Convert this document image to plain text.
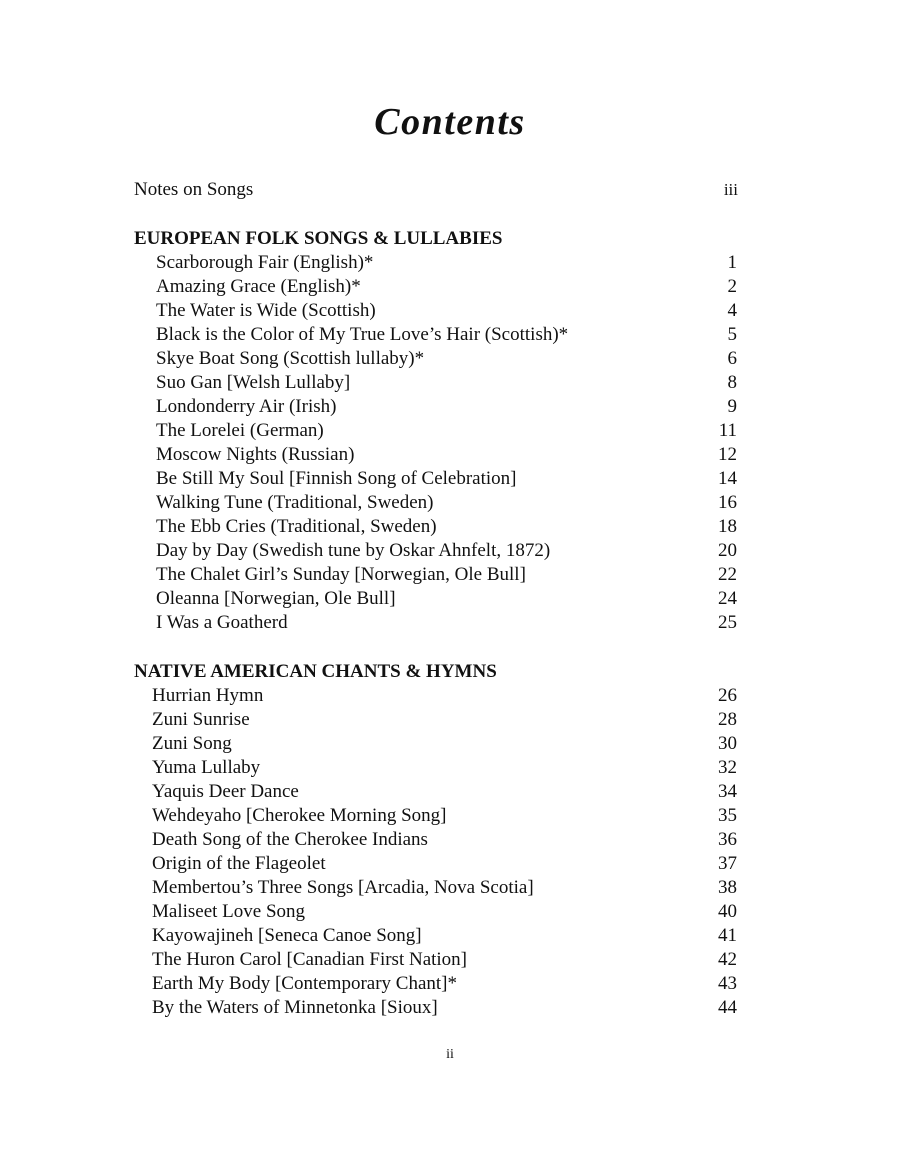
Contents
Notes on Songs	iii
EUROPEAN FOLK SONGS & LULLABIES
Scarborough Fair (English)*	1
Amazing Grace (English)*	2
The Water is Wide (Scottish)	4
Black is the Color of My True Love’s Hair (Scottish)*	5
Skye Boat Song (Scottish lullaby)*	6
Suo Gan [Welsh Lullaby]	8
Londonderry Air (Irish)	9
The Lorelei (German)	11
Moscow Nights (Russian)	12
Be Still My Soul [Finnish Song of Celebration]	14
Walking Tune (Traditional, Sweden)	16
The Ebb Cries (Traditional, Sweden)	18
Day by Day (Swedish tune by Oskar Ahnfelt, 1872)	20
The Chalet Girl’s Sunday [Norwegian, Ole Bull]	22
Oleanna [Norwegian, Ole Bull]	24
I Was a Goatherd	25
NATIVE AMERICAN CHANTS & HYMNS
Hurrian Hymn	26
Zuni Sunrise	28
Zuni Song	30
Yuma Lullaby	32
Yaquis Deer Dance	34
Wehdeyaho [Cherokee Morning Song]	35
Death Song of the Cherokee Indians	36
Origin of the Flageolet	37
Membertou’s Three Songs [Arcadia, Nova Scotia]	38
Maliseet Love Song	40
Kayowajineh [Seneca Canoe Song]	41
The Huron Carol [Canadian First Nation]	42
Earth My Body [Contemporary Chant]*	43
By the Waters of Minnetonka [Sioux]	44
ii
